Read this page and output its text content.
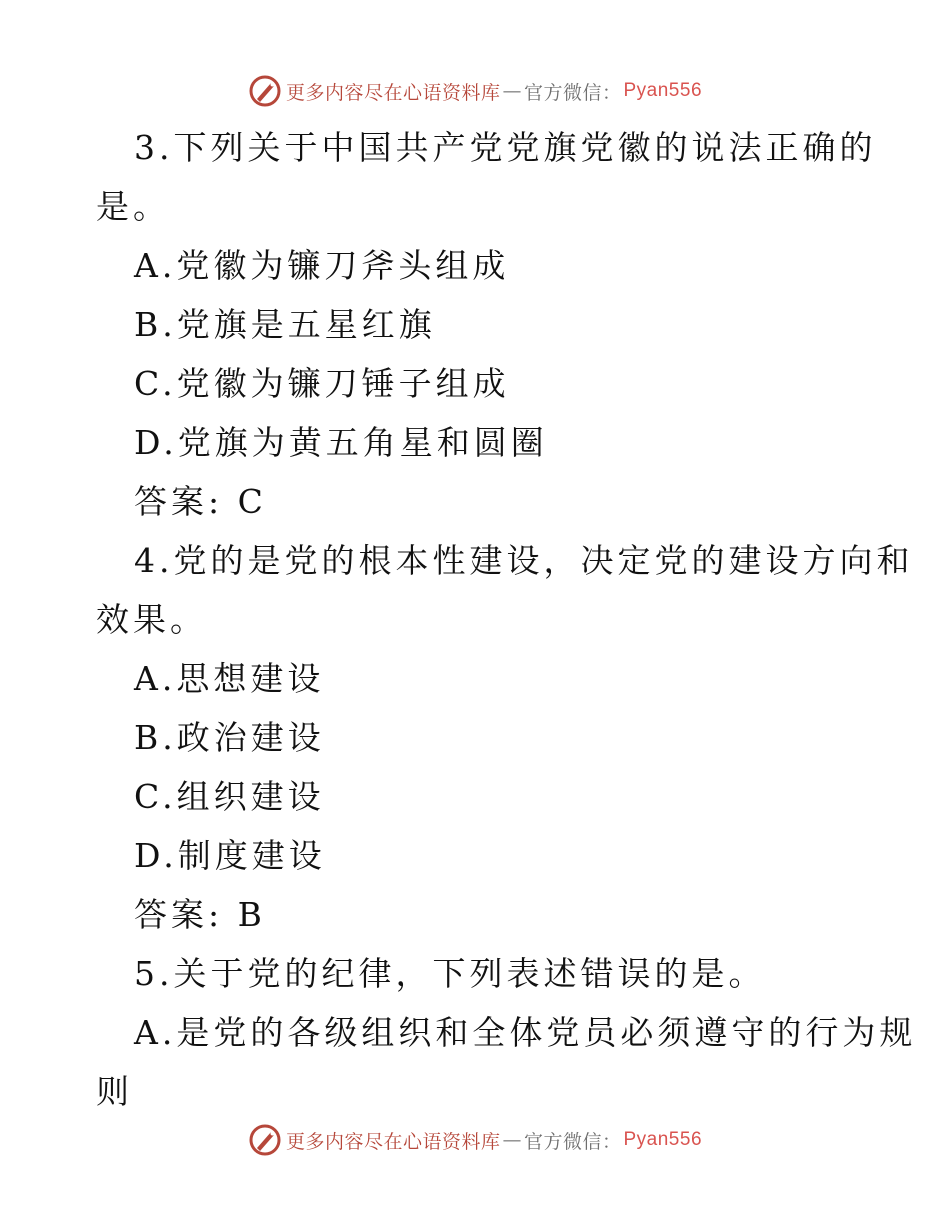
更多内容尽在心语资料库 — 官方微信： Pyan556
3.下列关于中国共产党党旗党徽的说法正确的
是。
A.党徽为镰刀斧头组成
B.党旗是五星红旗
C.党徽为镰刀锤子组成
D.党旗为黄五角星和圆圈
答案: C
4.党的是党的根本性建设，决定党的建设方向和
效果。
A.思想建设
B.政治建设
C.组织建设
D.制度建设
答案: B
5.关于党的纪律，下列表述错误的是。
A.是党的各级组织和全体党员必须遵守的行为规
则
更多内容尽在心语资料库 — 官方微信： Pyan556
